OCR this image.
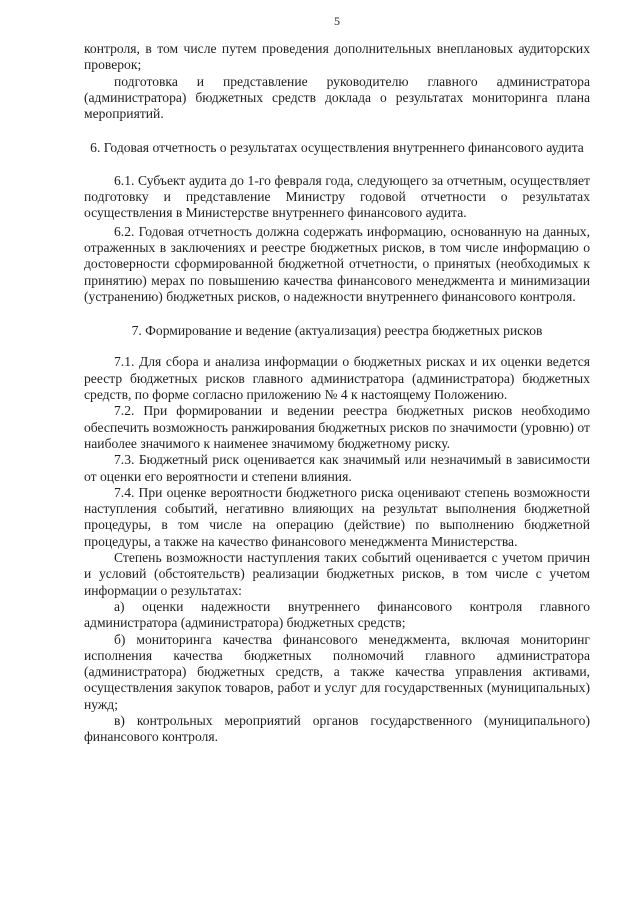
5

контроля, в том числе путем проведения дополнительных внеплановых аудиторских проверок;

подготовка и представление руководителю главного администратора (администратора) бюджетных средств доклада о результатах мониторинга плана мероприятий.

6. Годовая отчетность о результатах осуществления внутреннего финансового аудита

6.1. Субъект аудита до 1-го февраля года, следующего за отчетным, осуществляет подготовку и представление Министру годовой отчетности о результатах осуществления в Министерстве внутреннего финансового аудита.

6.2. Годовая отчетность должна содержать информацию, основанную на данных, отраженных в заключениях и реестре бюджетных рисков, в том числе информацию о достоверности сформированной бюджетной отчетности, о принятых (необходимых к принятию) мерах по повышению качества финансового менеджмента и минимизации (устранению) бюджетных рисков, о надежности внутреннего финансового контроля.

7. Формирование и ведение (актуализация) реестра бюджетных рисков

7.1. Для сбора и анализа информации о бюджетных рисках и их оценки ведется реестр бюджетных рисков главного администратора (администратора) бюджетных средств, по форме согласно приложению № 4 к настоящему Положению.

7.2. При формировании и ведении реестра бюджетных рисков необходимо обеспечить возможность ранжирования бюджетных рисков по значимости (уровню) от наиболее значимого к наименее значимому бюджетному риску.

7.3. Бюджетный риск оценивается как значимый или незначимый в зависимости от оценки его вероятности и степени влияния.

7.4. При оценке вероятности бюджетного риска оценивают степень возможности наступления событий, негативно влияющих на результат выполнения бюджетной процедуры, в том числе на операцию (действие) по выполнению бюджетной процедуры, а также на качество финансового менеджмента Министерства.

Степень возможности наступления таких событий оценивается с учетом причин и условий (обстоятельств) реализации бюджетных рисков, в том числе с учетом информации о результатах:

а) оценки надежности внутреннего финансового контроля главного администратора (администратора) бюджетных средств;

б) мониторинга качества финансового менеджмента, включая мониторинг исполнения качества бюджетных полномочий главного администратора (администратора) бюджетных средств, а также качества управления активами, осуществления закупок товаров, работ и услуг для государственных (муниципальных) нужд;

в) контрольных мероприятий органов государственного (муниципального) финансового контроля.
